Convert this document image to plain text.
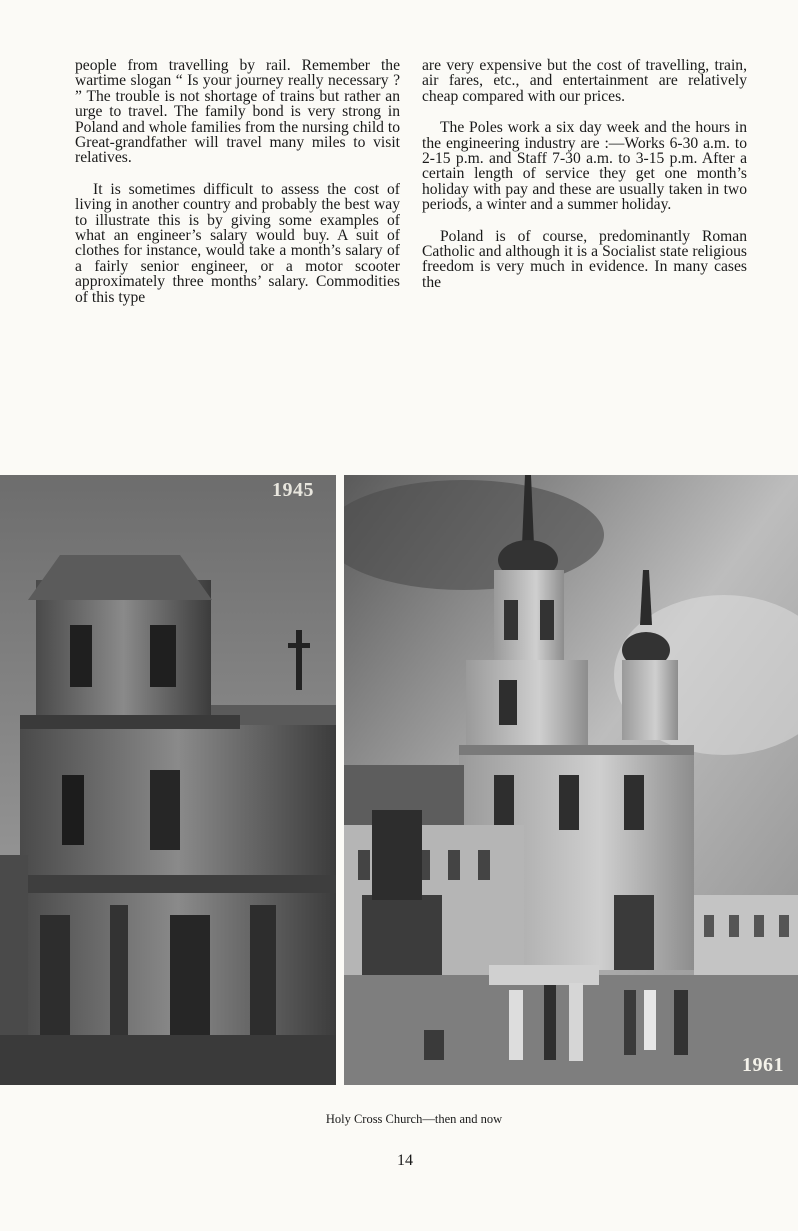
people from travelling by rail. Remember the wartime slogan “ Is your journey really necessary ? ” The trouble is not shortage of trains but rather an urge to travel. The family bond is very strong in Poland and whole families from the nursing child to Great-grandfather will travel many miles to visit relatives.

It is sometimes difficult to assess the cost of living in another country and probably the best way to illustrate this is by giving some examples of what an engineer’s salary would buy. A suit of clothes for instance, would take a month’s salary of a fairly senior engineer, or a motor scooter approximately three months’ salary. Commodities of this type

are very expensive but the cost of travelling, train, air fares, etc., and entertainment are relatively cheap compared with our prices.

The Poles work a six day week and the hours in the engineering industry are :—Works 6-30 a.m. to 2-15 p.m. and Staff 7-30 a.m. to 3-15 p.m. After a certain length of service they get one month’s holiday with pay and these are usually taken in two periods, a winter and a summer holiday.

Poland is of course, predominantly Roman Catholic and although it is a Socialist state religious freedom is very much in evidence. In many cases the

1945
1961
Holy Cross Church—then and now
14
